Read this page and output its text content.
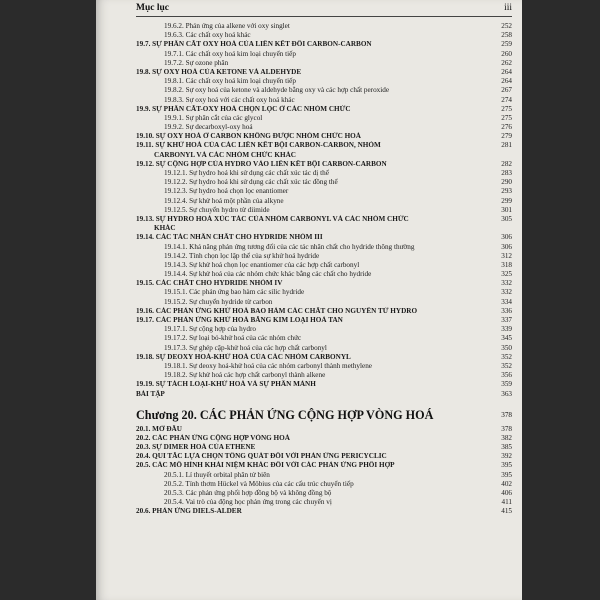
Mục lục	iii
19.6.2. Phản ứng của alkene với oxy singlet	252
19.6.3. Các chất oxy hoá khác	258
19.7. SỰ PHÂN CẮT OXY HOÁ CỦA LIÊN KẾT ĐÔI CARBON-CARBON	259
19.7.1. Các chất oxy hoá kim loại chuyển tiếp	260
19.7.2. Sự ozone phân	262
19.8. SỰ OXY HOÁ CỦA KETONE VÀ ALDEHYDE	264
19.8.1. Các chất oxy hoá kim loại chuyển tiếp	264
19.8.2. Sự oxy hoá của ketone và aldehyde bằng oxy và các hợp chất peroxide	267
19.8.3. Sự oxy hoá với các chất oxy hoá khác	274
19.9. SỰ PHÂN CẮT-OXY HOÁ CHỌN LỌC Ở CÁC NHÓM CHỨC	275
19.9.1. Sự phân cắt của các glycol	275
19.9.2. Sự decarboxyl-oxy hoá	276
19.10. SỰ OXY HOÁ Ở CARBON KHÔNG ĐƯỢC NHÓM CHỨC HOÁ	279
19.11. SỰ KHỬ HOÁ CỦA CÁC LIÊN KẾT BỘI CARBON-CARBON, NHÓM	281
CARBONYL VÀ CÁC NHÓM CHỨC KHÁC
19.12. SỰ CỘNG HỢP CỦA HYDRO VÀO LIÊN KẾT BỘI CARBON-CARBON	282
19.12.1. Sự hydro hoá khi sử dụng các chất xúc tác dị thể	283
19.12.2. Sự hydro hoá khi sử dụng các chất xúc tác đồng thể	290
19.12.3. Sự hydro hoá chọn lọc enantiomer	293
19.12.4. Sự khử hoá một phần của alkyne	299
19.12.5. Sự chuyển hydro từ diimide	301
19.13. SỰ HYDRO HOÁ XÚC TÁC CỦA NHÓM CARBONYL VÀ CÁC NHÓM CHỨC	305
KHÁC
19.14. CÁC TÁC NHÂN CHẤT CHO HYDRIDE NHÓM III	306
19.14.1. Khả năng phản ứng tương đối của các tác nhân chất cho hydride thông thường	306
19.14.2. Tính chọn lọc lập thể của sự khử hoá hydride	312
19.14.3. Sự khử hoá chọn lọc enantiomer của các hợp chất carbonyl	318
19.14.4. Sự khử hoá của các nhóm chức khác bằng các chất cho hydride	325
19.15. CÁC CHẤT CHO HYDRIDE NHÓM IV	332
19.15.1. Các phản ứng bao hàm các silic hydride	332
19.15.2. Sự chuyển hydride từ carbon	334
19.16. CÁC PHẢN ỨNG KHỬ HOÁ BAO HÀM CÁC CHẤT CHO NGUYÊN TỬ HYDRO	336
19.17. CÁC PHẢN ỨNG KHỬ HOÁ BẰNG KIM LOẠI HOÀ TAN	337
19.17.1. Sự cộng hợp của hydro	339
19.17.2. Sự loại bỏ-khử hoá của các nhóm chức	345
19.17.3. Sự ghép cặp-khử hoá của các hợp chất carbonyl	350
19.18. SỰ DEOXY HOÁ-KHỬ HOÁ CỦA CÁC NHÓM CARBONYL	352
19.18.1. Sự deoxy hoá-khử hoá của các nhóm carbonyl thành methylene	352
19.18.2. Sự khử hoá các hợp chất carbonyl thành alkene	356
19.19. SỰ TÁCH LOẠI-KHỬ HOÁ VÀ SỰ PHÂN MẢNH	359
BÀI TẬP	363
Chương 20. CÁC PHẢN ỨNG CỘNG HỢP VÒNG HOÁ	378
20.1. MỞ ĐẦU	378
20.2. CÁC PHẢN ỨNG CỘNG HỢP VÒNG HOÁ	382
20.3. SỰ DIMER HOÁ CỦA ETHENE	385
20.4. QUI TẮC LỰA CHỌN TỔNG QUÁT ĐỐI VỚI PHẢN ỨNG PERICYCLIC	392
20.5. CÁC MÔ HÌNH KHÁI NIỆM KHÁC ĐỐI VỚI CÁC PHẢN ỨNG PHỐI HỢP	395
20.5.1. Lí thuyết orbital phân tử biên	395
20.5.2. Tính thơm Hückel và Möbius của các cấu trúc chuyển tiếp	402
20.5.3. Các phản ứng phối hợp đồng bộ và không đồng bộ	406
20.5.4. Vai trò của động học phản ứng trong các chuyển vị	411
20.6. PHẢN ỨNG DIELS-ALDER	415
